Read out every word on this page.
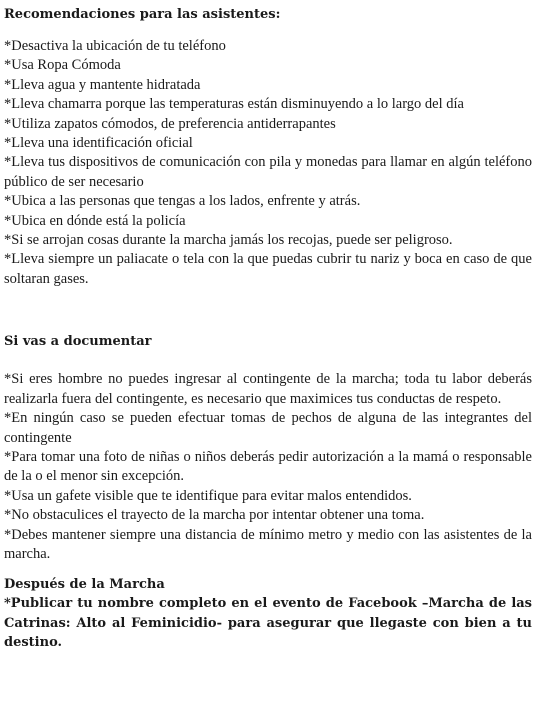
Recomendaciones para las asistentes:
*Desactiva la ubicación de tu teléfono
*Usa Ropa Cómoda
*Lleva agua y mantente hidratada
*Lleva chamarra porque las temperaturas están disminuyendo a lo largo del día
*Utiliza zapatos cómodos, de preferencia antiderrapantes
*Lleva una identificación oficial
*Lleva tus dispositivos de comunicación con pila y monedas para llamar en algún teléfono público de ser necesario
*Ubica a las personas que tengas a los lados, enfrente y atrás.
*Ubica en dónde está la policía
*Si se arrojan cosas durante la marcha jamás los recojas, puede ser peligroso.
*Lleva siempre un paliacate o tela con la que puedas cubrir tu nariz y boca en caso de que soltaran gases.
Si vas a documentar
*Si eres hombre no puedes ingresar al contingente de la marcha; toda tu labor deberás realizarla fuera del contingente, es necesario que maximices tus conductas de respeto.
*En ningún caso se pueden efectuar tomas de pechos de alguna de las integrantes del contingente
*Para tomar una foto de niñas o niños deberás pedir autorización a la mamá o responsable de la o el menor sin excepción.
*Usa un gafete visible que te identifique para evitar malos entendidos.
*No obstaculices el trayecto de la marcha por intentar obtener una toma.
*Debes mantener siempre una distancia de mínimo metro y medio con las asistentes de la marcha.
Después de la Marcha
*Publicar tu nombre completo en el evento de Facebook –Marcha de las Catrinas: Alto al Feminicidio- para asegurar que llegaste con bien a tu destino.
